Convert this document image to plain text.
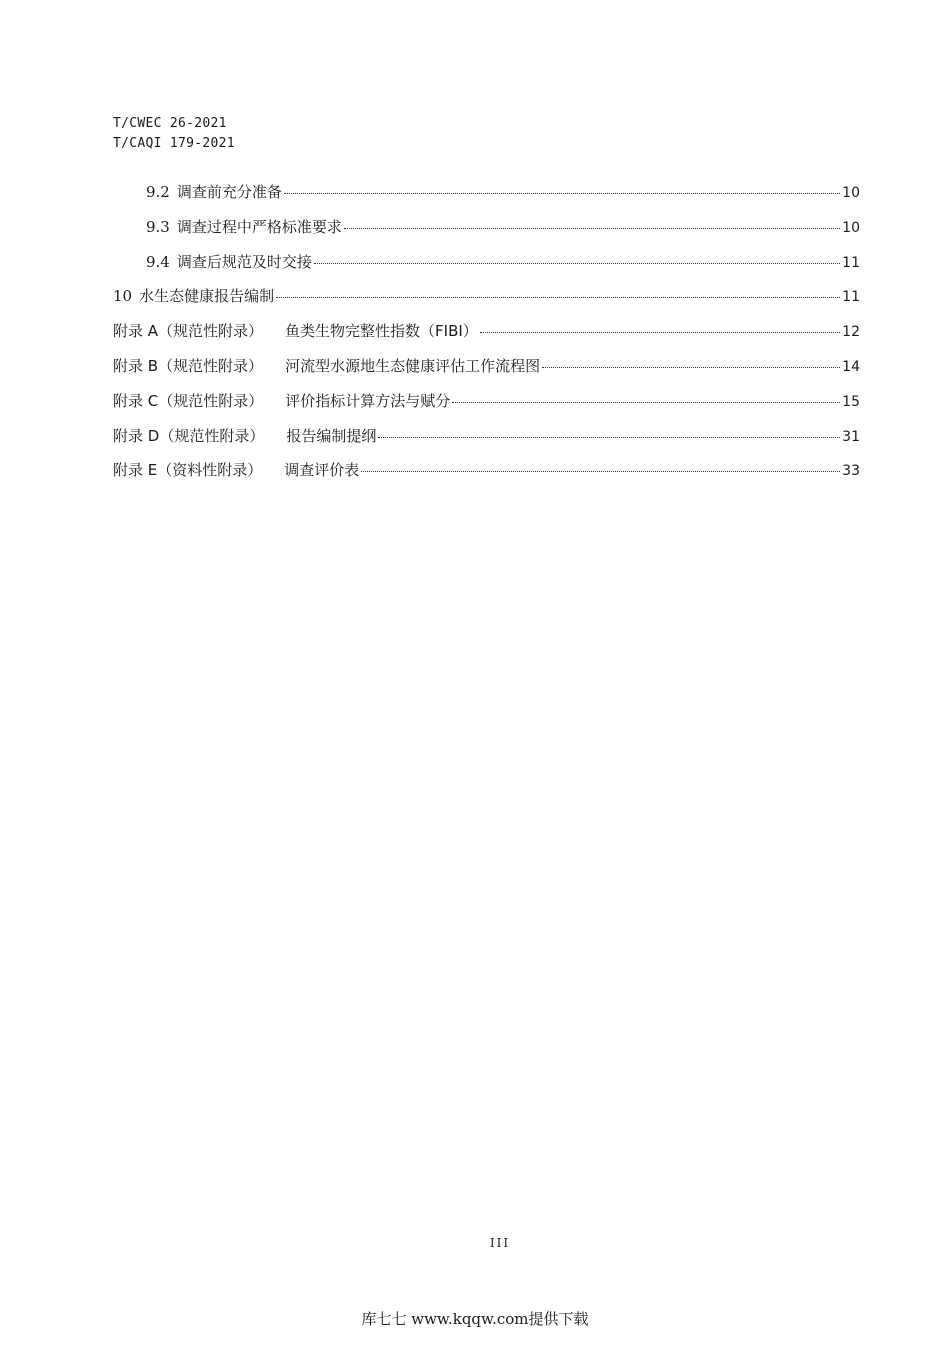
T/CWEC 26-2021
T/CAQI 179-2021
9.2 调查前充分准备	10
9.3 调查过程中严格标准要求	10
9.4 调查后规范及时交接	11
10 水生态健康报告编制	11
附录 A（规范性附录） 鱼类生物完整性指数（FIBI）	12
附录 B（规范性附录） 河流型水源地生态健康评估工作流程图	14
附录 C（规范性附录） 评价指标计算方法与赋分	15
附录 D（规范性附录） 报告编制提纲	31
附录 E（资料性附录） 调查评价表	33
III
库七七 www.kqqw.com提供下载
